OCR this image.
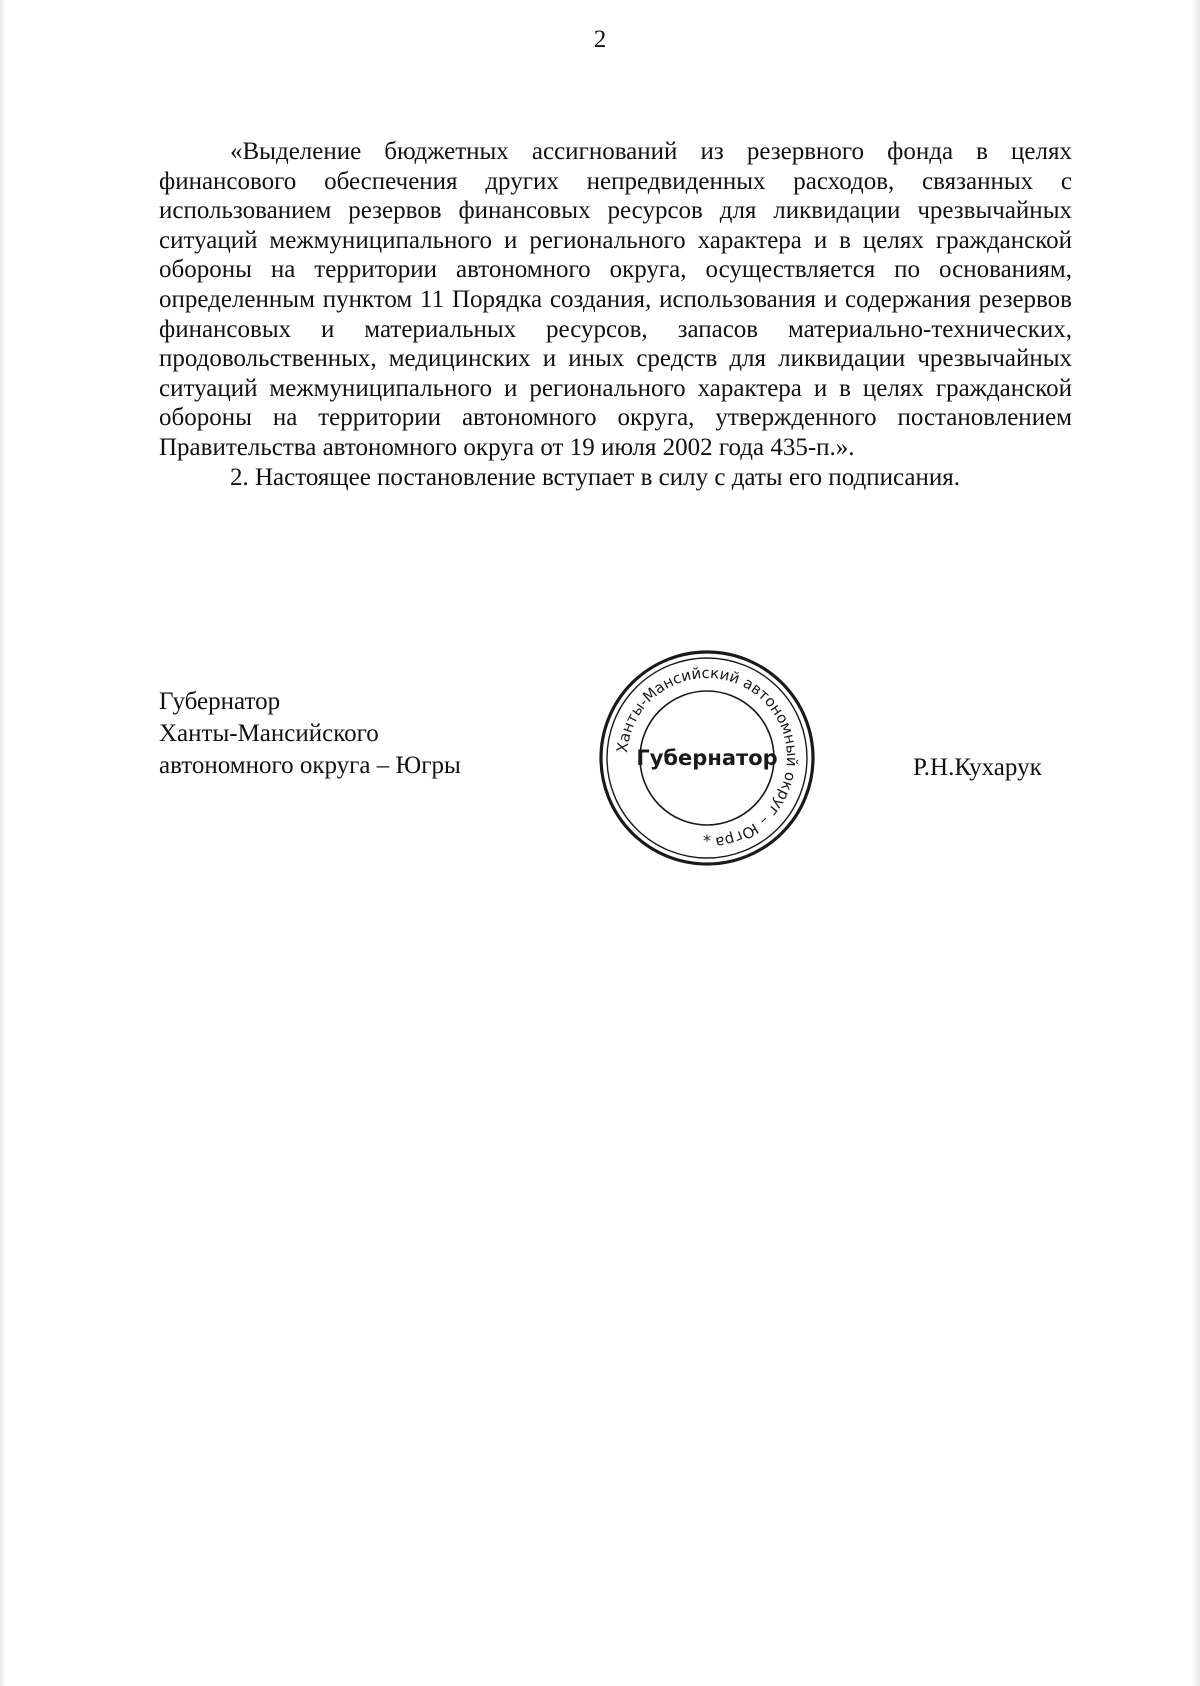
2

«Выделение бюджетных ассигнований из резервного фонда в целях финансового обеспечения других непредвиденных расходов, связанных с использованием резервов финансовых ресурсов для ликвидации чрезвычайных ситуаций межмуниципального и регионального характера и в целях гражданской обороны на территории автономного округа, осуществляется по основаниям, определенным пунктом 11 Порядка создания, использования и содержания резервов финансовых и материальных ресурсов, запасов материально-технических, продовольственных, медицинских и иных средств для ликвидации чрезвычайных ситуаций межмуниципального и регионального характера и в целях гражданской обороны на территории автономного округа, утвержденного постановлением Правительства автономного округа от 19 июля 2002 года 435-п.».

2. Настоящее постановление вступает в силу с даты его подписания.

Губернатор
Ханты-Мансийского
автономного округа – Югры
Ханты-Мансийский автономный округ – Югра
Губернатор
*
Р.Н.Кухарук
